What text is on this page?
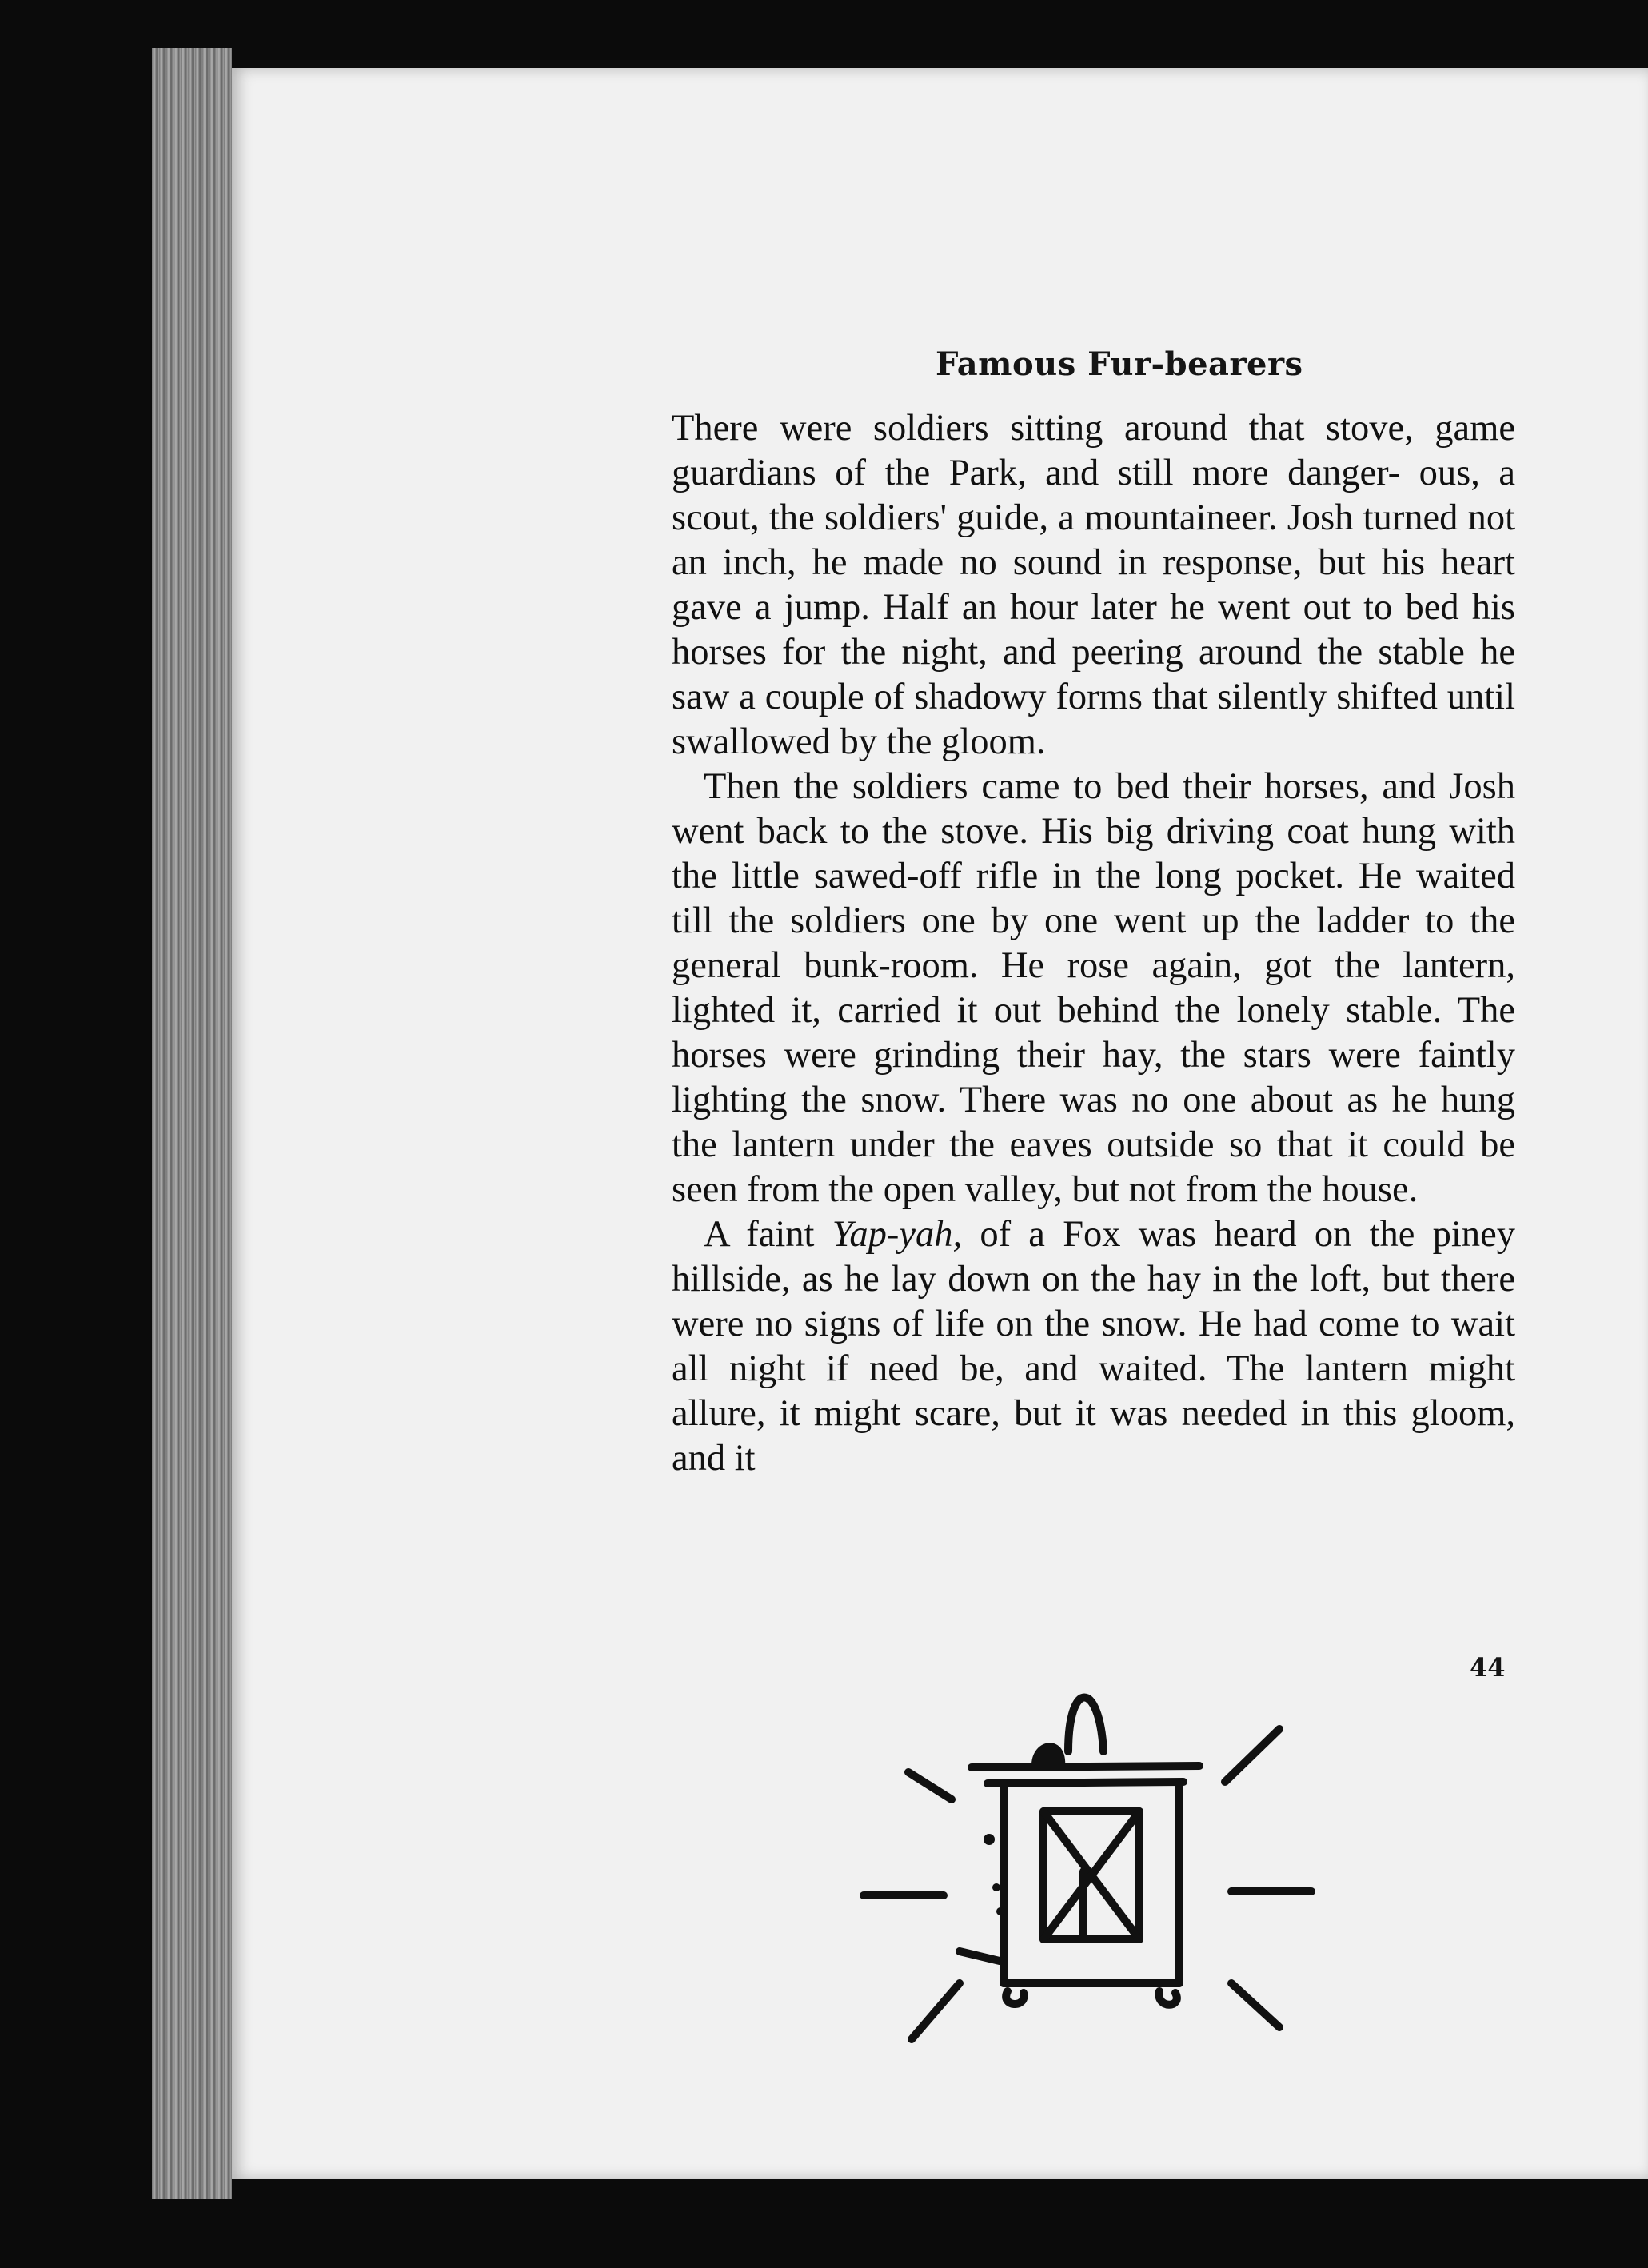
Famous Fur-bearers

There were soldiers sitting around that stove, game guardians of the Park, and still more danger- ous, a scout, the soldiers' guide, a mountaineer. Josh turned not an inch, he made no sound in response, but his heart gave a jump. Half an hour later he went out to bed his horses for the night, and peering around the stable he saw a couple of shadowy forms that silently shifted until swallowed by the gloom.

Then the soldiers came to bed their horses, and Josh went back to the stove. His big driving coat hung with the little sawed-off rifle in the long pocket. He waited till the soldiers one by one went up the ladder to the general bunk-room. He rose again, got the lantern, lighted it, carried it out behind the lonely stable. The horses were grinding their hay, the stars were faintly lighting the snow. There was no one about as he hung the lantern under the eaves outside so that it could be seen from the open valley, but not from the house.

A faint Yap-yah, of a Fox was heard on the piney hillside, as he lay down on the hay in the loft, but there were no signs of life on the snow. He had come to wait all night if need be, and waited. The lantern might allure, it might scare, but it was needed in this gloom, and it

44
